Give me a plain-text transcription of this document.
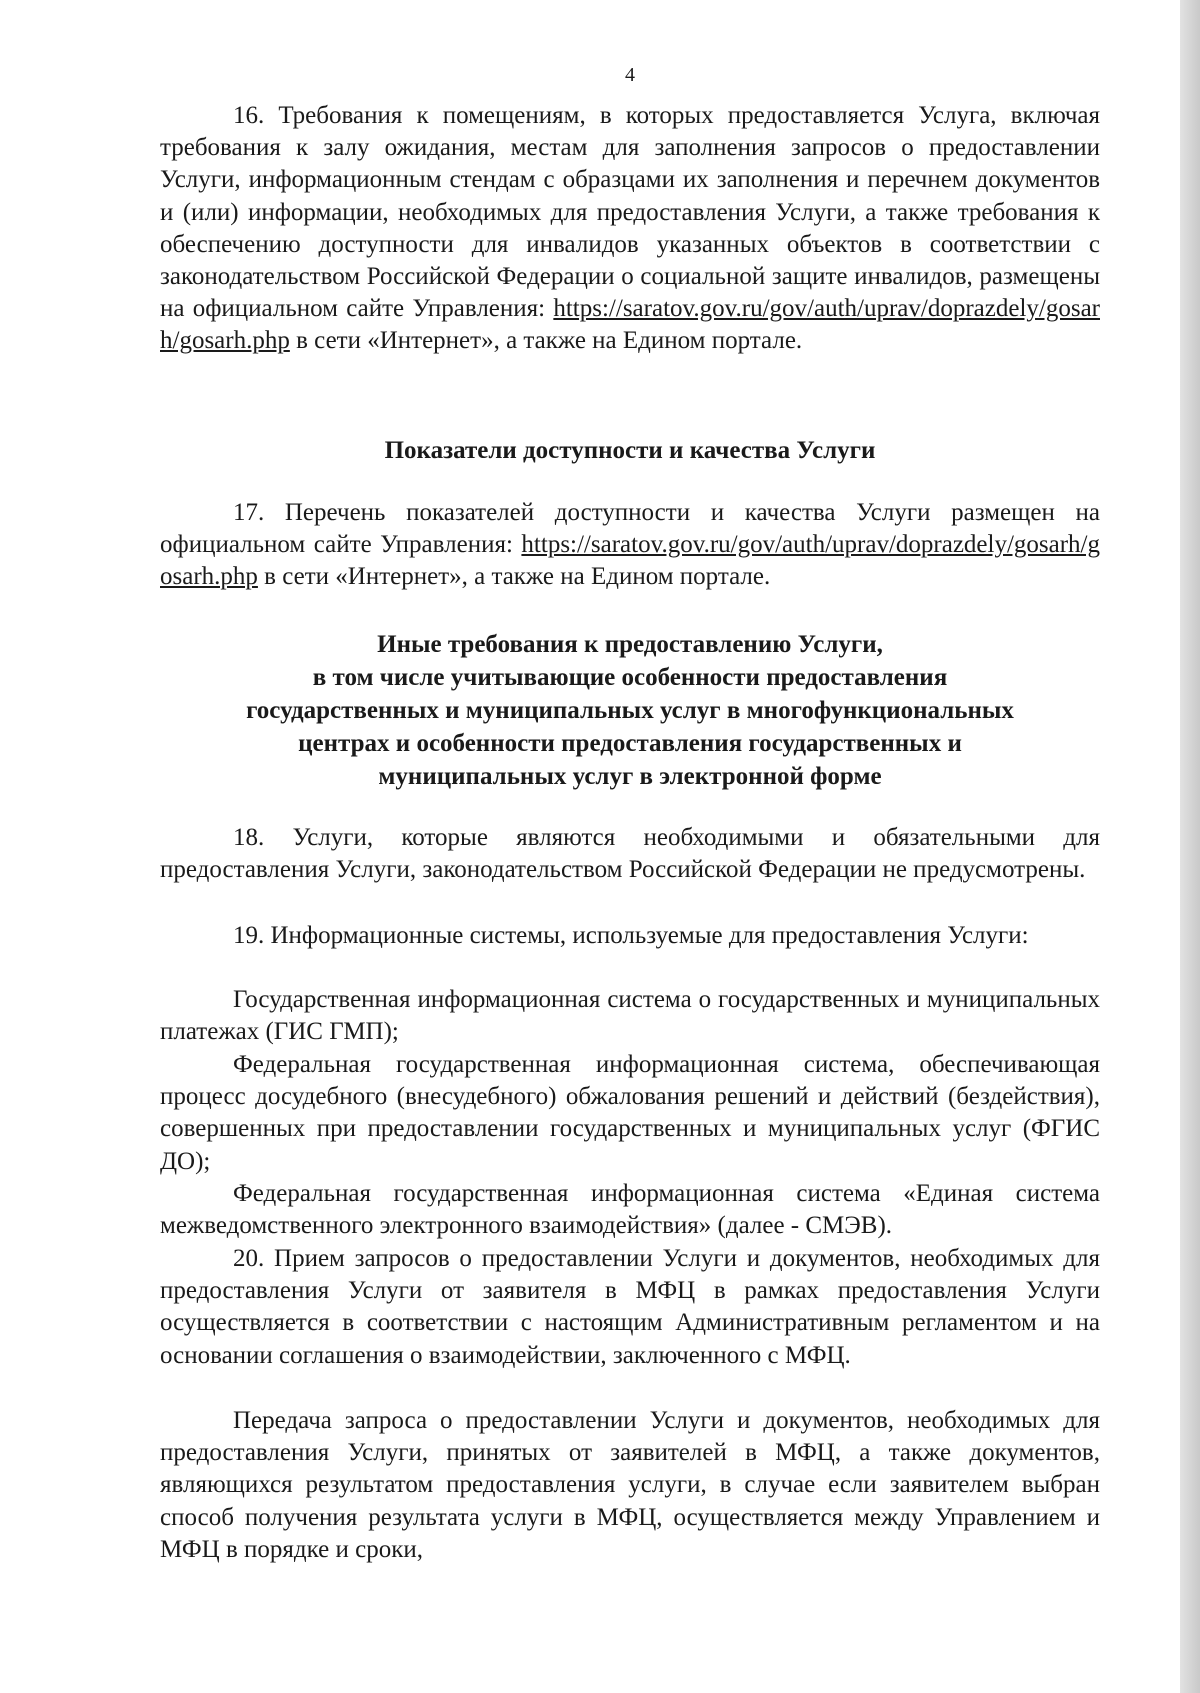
4

16. Требования к помещениям, в которых предоставляется Услуга, включая требования к залу ожидания, местам для заполнения запросов о предоставлении Услуги, информационным стендам с образцами их заполнения и перечнем документов и (или) информации, необходимых для предоставления Услуги, а также требования к обеспечению доступности для инвалидов указанных объектов в соответствии с законодательством Российской Федерации о социальной защите инвалидов, размещены на официальном сайте Управления: https://saratov.gov.ru/gov/auth/uprav/doprazdely/gosarh/gosarh.php в сети «Интернет», а также на Едином портале.

Показатели доступности и качества Услуги

17. Перечень показателей доступности и качества Услуги размещен на официальном сайте Управления: https://saratov.gov.ru/gov/auth/uprav/doprazdely/gosarh/gosarh.php в сети «Интернет», а также на Едином портале.

Иные требования к предоставлению Услуги,
в том числе учитывающие особенности предоставления
государственных и муниципальных услуг в многофункциональных
центрах и особенности предоставления государственных и
муниципальных услуг в электронной форме

18. Услуги, которые являются необходимыми и обязательными для предоставления Услуги, законодательством Российской Федерации не предусмотрены.

19. Информационные системы, используемые для предоставления Услуги:

Государственная информационная система о государственных и муниципальных платежах (ГИС ГМП);

Федеральная государственная информационная система, обеспечивающая процесс досудебного (внесудебного) обжалования решений и действий (бездействия), совершенных при предоставлении государственных и муниципальных услуг (ФГИС ДО);

Федеральная государственная информационная система «Единая система межведомственного электронного взаимодействия» (далее - СМЭВ).

20. Прием запросов о предоставлении Услуги и документов, необходимых для предоставления Услуги от заявителя в МФЦ в рамках предоставления Услуги осуществляется в соответствии с настоящим Административным регламентом и на основании соглашения о взаимодействии, заключенного с МФЦ.

Передача запроса о предоставлении Услуги и документов, необходимых для предоставления Услуги, принятых от заявителей в МФЦ, а также документов, являющихся результатом предоставления услуги, в случае если заявителем выбран способ получения результата услуги в МФЦ, осуществляется между Управлением и МФЦ в порядке и сроки,
